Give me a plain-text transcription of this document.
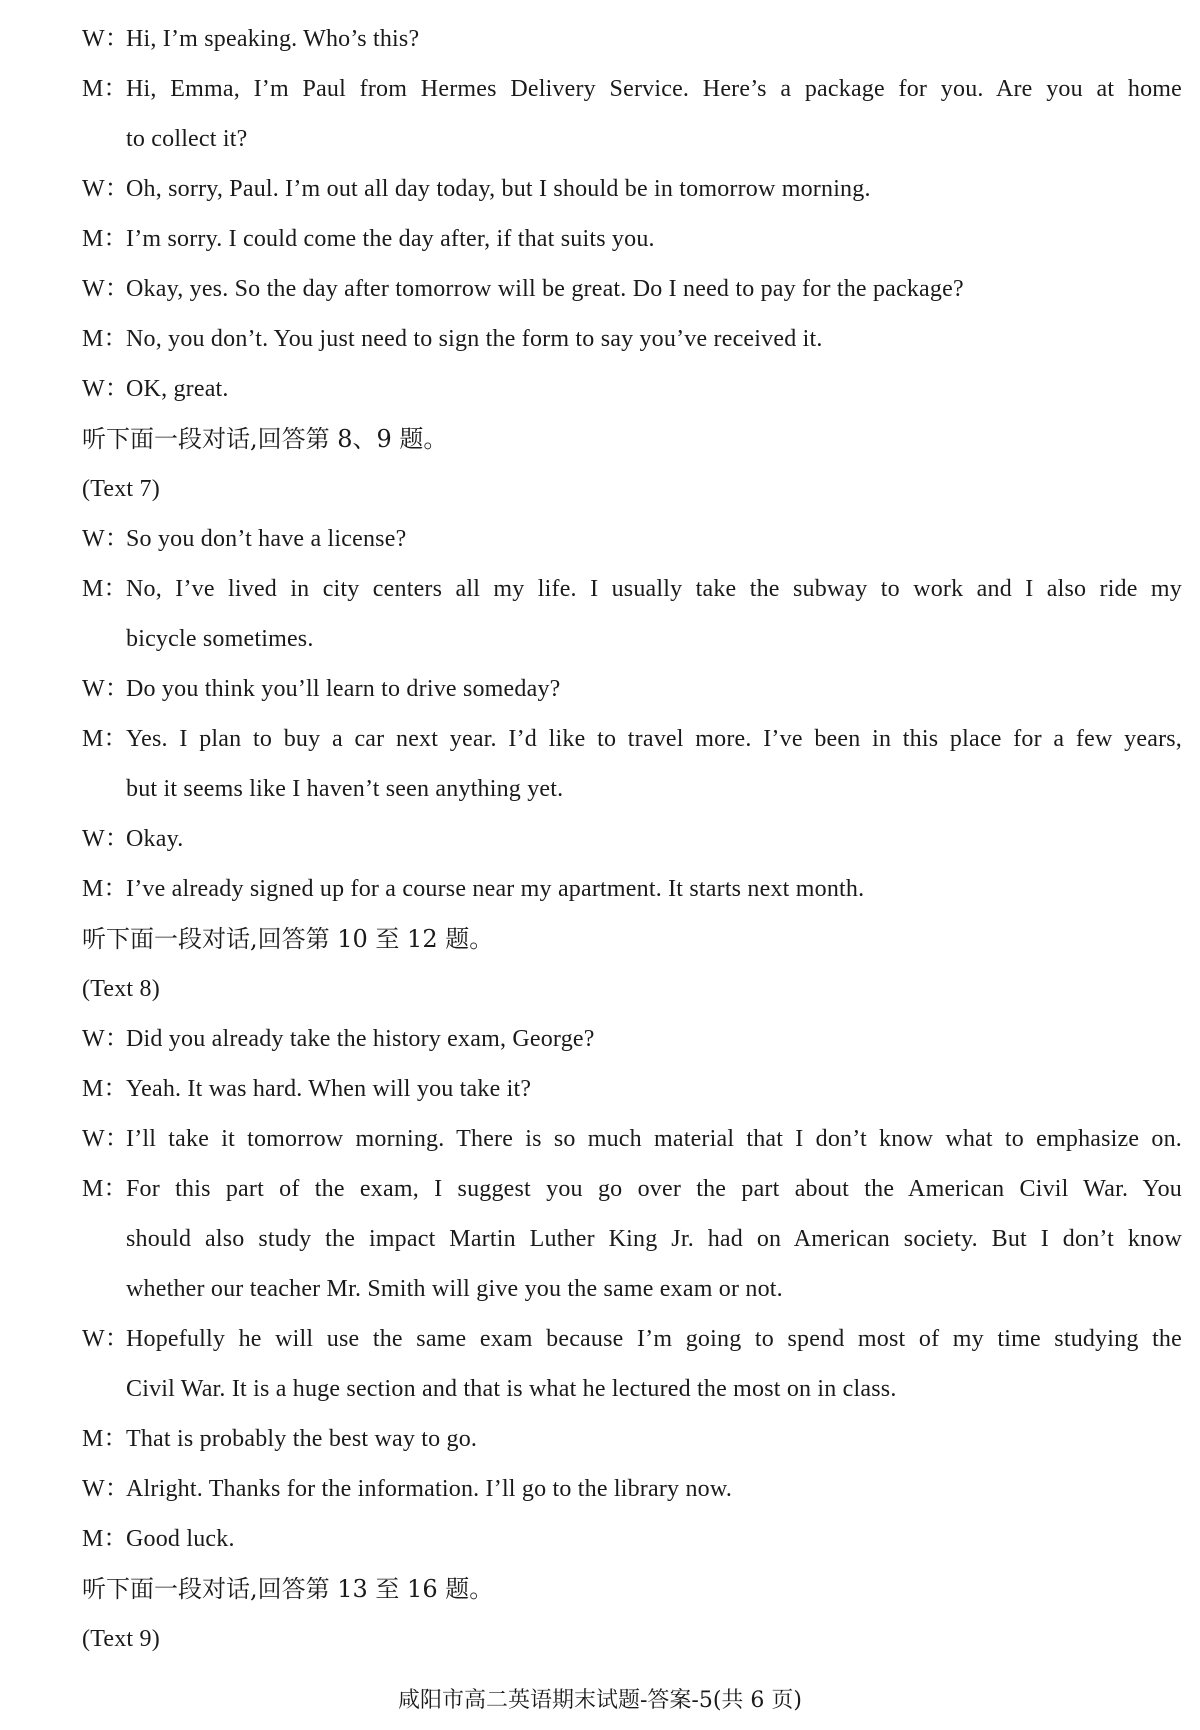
W：Hi, I’m speaking. Who’s this?
M：Hi, Emma, I’m Paul from Hermes Delivery Service. Here’s a package for you. Are you at home
to collect it?
W：Oh, sorry, Paul. I’m out all day today, but I should be in tomorrow morning.
M：I’m sorry. I could come the day after, if that suits you.
W：Okay, yes. So the day after tomorrow will be great. Do I need to pay for the package?
M：No, you don’t. You just need to sign the form to say you’ve received it.
W：OK, great.
听下面一段对话,回答第 8、9 题。
(Text 7)
W：So you don’t have a license?
M：No, I’ve lived in city centers all my life. I usually take the subway to work and I also ride my
bicycle sometimes.
W：Do you think you’ll learn to drive someday?
M：Yes. I plan to buy a car next year. I’d like to travel more. I’ve been in this place for a few years,
but it seems like I haven’t seen anything yet.
W：Okay.
M：I’ve already signed up for a course near my apartment. It starts next month.
听下面一段对话,回答第 10 至 12 题。
(Text 8)
W：Did you already take the history exam, George?
M：Yeah. It was hard. When will you take it?
W：I’ll take it tomorrow morning. There is so much material that I don’t know what to emphasize on.
M：For this part of the exam, I suggest you go over the part about the American Civil War. You
should also study the impact Martin Luther King Jr. had on American society. But I don’t know
whether our teacher Mr. Smith will give you the same exam or not.
W：Hopefully he will use the same exam because I’m going to spend most of my time studying the
Civil War. It is a huge section and that is what he lectured the most on in class.
M：That is probably the best way to go.
W：Alright. Thanks for the information. I’ll go to the library now.
M：Good luck.
听下面一段对话,回答第 13 至 16 题。
(Text 9)
咸阳市高二英语期末试题-答案-5(共 6 页)
